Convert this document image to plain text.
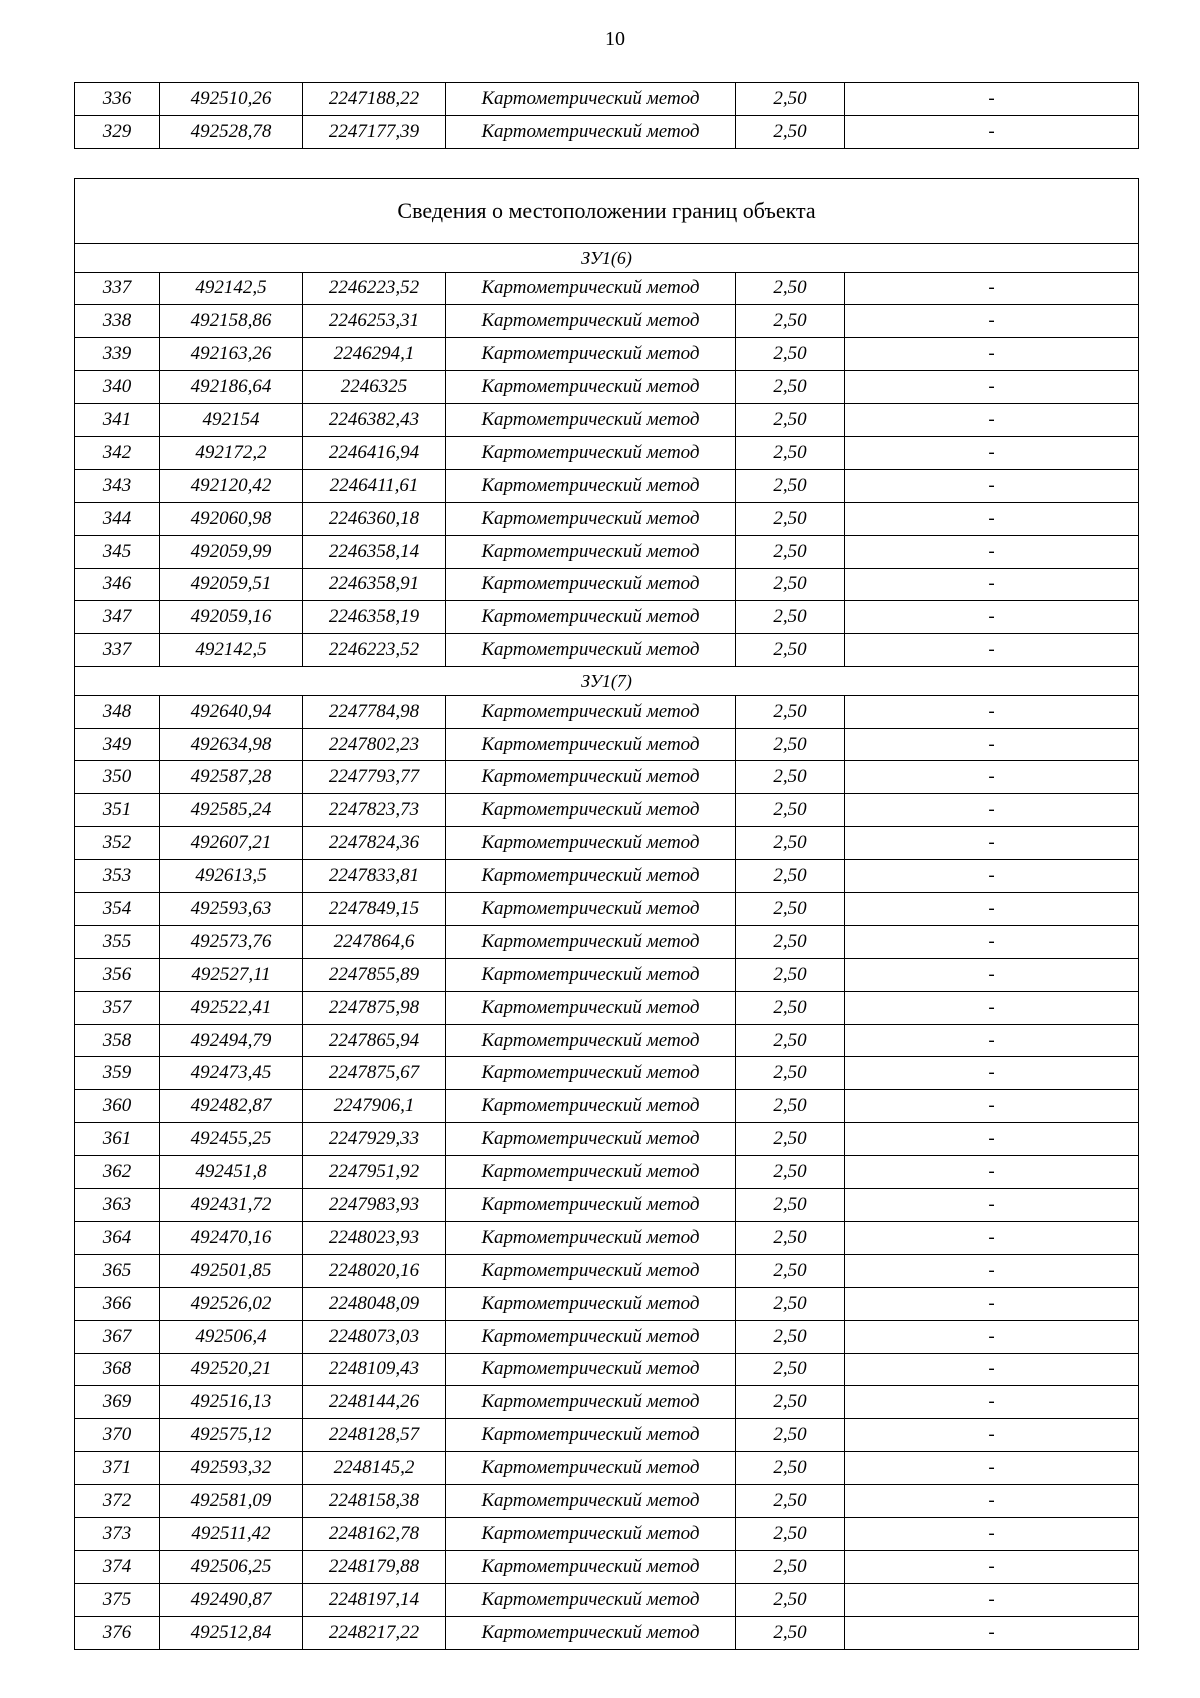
10
336	492510,26	2247188,22	Картометрический метод	2,50	-
329	492528,78	2247177,39	Картометрический метод	2,50	-
Сведения о местоположении границ объекта					
ЗУ1(6)					
337	492142,5	2246223,52	Картометрический метод	2,50	-
338	492158,86	2246253,31	Картометрический метод	2,50	-
339	492163,26	2246294,1	Картометрический метод	2,50	-
340	492186,64	2246325	Картометрический метод	2,50	-
341	492154	2246382,43	Картометрический метод	2,50	-
342	492172,2	2246416,94	Картометрический метод	2,50	-
343	492120,42	2246411,61	Картометрический метод	2,50	-
344	492060,98	2246360,18	Картометрический метод	2,50	-
345	492059,99	2246358,14	Картометрический метод	2,50	-
346	492059,51	2246358,91	Картометрический метод	2,50	-
347	492059,16	2246358,19	Картометрический метод	2,50	-
337	492142,5	2246223,52	Картометрический метод	2,50	-
ЗУ1(7)					
348	492640,94	2247784,98	Картометрический метод	2,50	-
349	492634,98	2247802,23	Картометрический метод	2,50	-
350	492587,28	2247793,77	Картометрический метод	2,50	-
351	492585,24	2247823,73	Картометрический метод	2,50	-
352	492607,21	2247824,36	Картометрический метод	2,50	-
353	492613,5	2247833,81	Картометрический метод	2,50	-
354	492593,63	2247849,15	Картометрический метод	2,50	-
355	492573,76	2247864,6	Картометрический метод	2,50	-
356	492527,11	2247855,89	Картометрический метод	2,50	-
357	492522,41	2247875,98	Картометрический метод	2,50	-
358	492494,79	2247865,94	Картометрический метод	2,50	-
359	492473,45	2247875,67	Картометрический метод	2,50	-
360	492482,87	2247906,1	Картометрический метод	2,50	-
361	492455,25	2247929,33	Картометрический метод	2,50	-
362	492451,8	2247951,92	Картометрический метод	2,50	-
363	492431,72	2247983,93	Картометрический метод	2,50	-
364	492470,16	2248023,93	Картометрический метод	2,50	-
365	492501,85	2248020,16	Картометрический метод	2,50	-
366	492526,02	2248048,09	Картометрический метод	2,50	-
367	492506,4	2248073,03	Картометрический метод	2,50	-
368	492520,21	2248109,43	Картометрический метод	2,50	-
369	492516,13	2248144,26	Картометрический метод	2,50	-
370	492575,12	2248128,57	Картометрический метод	2,50	-
371	492593,32	2248145,2	Картометрический метод	2,50	-
372	492581,09	2248158,38	Картометрический метод	2,50	-
373	492511,42	2248162,78	Картометрический метод	2,50	-
374	492506,25	2248179,88	Картометрический метод	2,50	-
375	492490,87	2248197,14	Картометрический метод	2,50	-
376	492512,84	2248217,22	Картометрический метод	2,50	-
